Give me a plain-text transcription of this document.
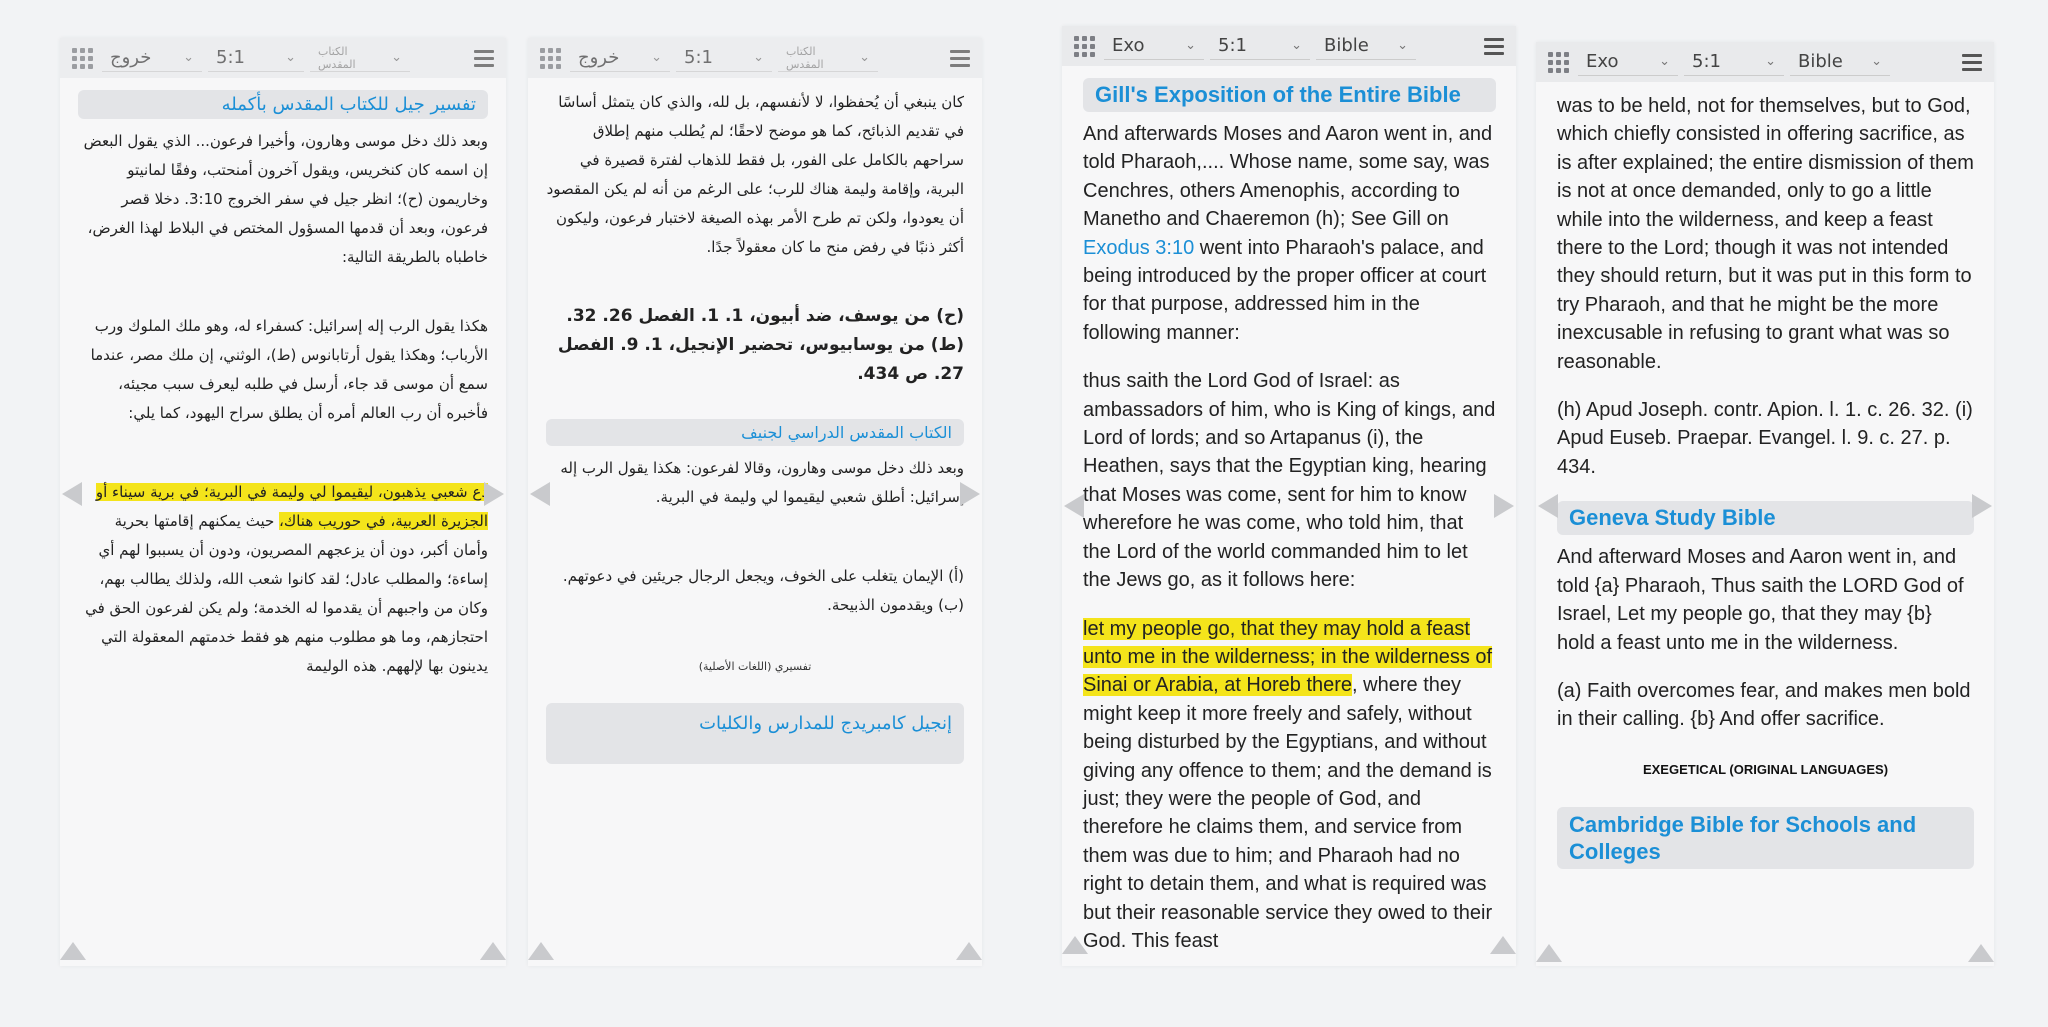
خروج ⌄ 5:1	⌄ الكتاب المقدس	⌄
تفسير جيل للكتاب المقدس بأكمله

وبعد ذلك دخل موسى وهارون، وأخيرا فرعون... الذي يقول البعض إن اسمه كان كنخريس، ويقول آخرون أمنحتب، وفقًا لمانيتو وخاريمون (ح)؛ انظر جيل في سفر الخروج 3:10. دخلا قصر فرعون، وبعد أن قدمها المسؤول المختص في البلاط لهذا الغرض، خاطباه بالطريقة التالية:

هكذا يقول الرب إله إسرائيل: كسفراء له، وهو ملك الملوك ورب الأرباب؛ وهكذا يقول أرتابانوس (ط)، الوثني، إن ملك مصر، عندما سمع أن موسى قد جاء، أرسل في طلبه ليعرف سبب مجيئه، فأخبره أن رب العالم أمره أن يطلق سراح اليهود، كما يلي:

دع شعبي يذهبون، ليقيموا لي وليمة في البرية؛ في برية سيناء أو الجزيرة العربية، في حوريب هناك، حيث يمكنهم إقامتها بحرية وأمان أكبر، دون أن يزعجهم المصريون، ودون أن يسببوا لهم أي إساءة؛ والمطلب عادل؛ لقد كانوا شعب الله، ولذلك يطالب بهم، وكان من واجبهم أن يقدموا له الخدمة؛ ولم يكن لفرعون الحق في احتجازهم، وما هو مطلوب منهم هو فقط خدمتهم المعقولة التي يدينون بها لإلههم. هذه الوليمة

خروج ⌄ 5:1	⌄ الكتاب المقدس	⌄

كان ينبغي أن يُحفظوا، لا لأنفسهم، بل لله، والذي كان يتمثل أساسًا في تقديم الذبائح، كما هو موضح لاحقًا؛ لم يُطلب منهم إطلاق سراحهم بالكامل على الفور، بل فقط للذهاب لفترة قصيرة في البرية، وإقامة وليمة هناك للرب؛ على الرغم من أنه لم يكن المقصود أن يعودوا، ولكن تم طرح الأمر بهذه الصيغة لاختبار فرعون، وليكون أكثر ذنبًا في رفض منح ما كان معقولاً جدًا.

(ح) من يوسف، ضد أبيون، 1. 1. الفصل 26. 32. (ط) من يوسابيوس، تحضير الإنجيل، 1. 9. الفصل 27. ص 434.

الكتاب المقدس الدراسي لجنيف

وبعد ذلك دخل موسى وهارون، وقالا لفرعون: هكذا يقول الرب إله إسرائيل: أطلق شعبي ليقيموا لي وليمة في البرية.

(أ) الإيمان يتغلب على الخوف، ويجعل الرجال جريئين في دعوتهم. (ب) ويقدمون الذبيحة.

تفسيري (اللغات الأصلية)
إنجيل كامبريدج للمدارس والكليات
Exo	⌄ 5:1	⌄ Bible ⌄
Gill's Exposition of the Entire Bible

And afterwards Moses and Aaron went in, and told Pharaoh,.... Whose name, some say, was Cenchres, others Amenophis, according to Manetho and Chaeremon (h); See Gill on Exodus 3:10 went into Pharaoh's palace, and being introduced by the proper officer at court for that purpose, addressed him in the following manner:

thus saith the Lord God of Israel: as ambassadors of him, who is King of kings, and Lord of lords; and so Artapanus (i), the Heathen, says that the Egyptian king, hearing that Moses was come, sent for him to know wherefore he was come, who told him, that the Lord of the world commanded him to let the Jews go, as it follows here:

let my people go, that they may hold a feast unto me in the wilderness; in the wilderness of Sinai or Arabia, at Horeb there, where they might keep it more freely and safely, without being disturbed by the Egyptians, and without giving any offence to them; and the demand is just; they were the people of God, and therefore he claims them, and service from them was due to him; and Pharaoh had no right to detain them, and what is required was but their reasonable service they owed to their God. This feast

Exo	⌄ 5:1	⌄ Bible ⌄

was to be held, not for themselves, but to God, which chiefly consisted in offering sacrifice, as is after explained; the entire dismission of them is not at once demanded, only to go a little while into the wilderness, and keep a feast there to the Lord; though it was not intended they should return, but it was put in this form to try Pharaoh, and that he might be the more inexcusable in refusing to grant what was so reasonable.

(h) Apud Joseph. contr. Apion. l. 1. c. 26. 32. (i) Apud Euseb. Praepar. Evangel. l. 9. c. 27. p. 434.

Geneva Study Bible

And afterward Moses and Aaron went in, and told {a} Pharaoh, Thus saith the LORD God of Israel, Let my people go, that they may {b} hold a feast unto me in the wilderness.

(a) Faith overcomes fear, and makes men bold in their calling. {b} And offer sacrifice.

EXEGETICAL (ORIGINAL LANGUAGES)
Cambridge Bible for Schools and Colleges
